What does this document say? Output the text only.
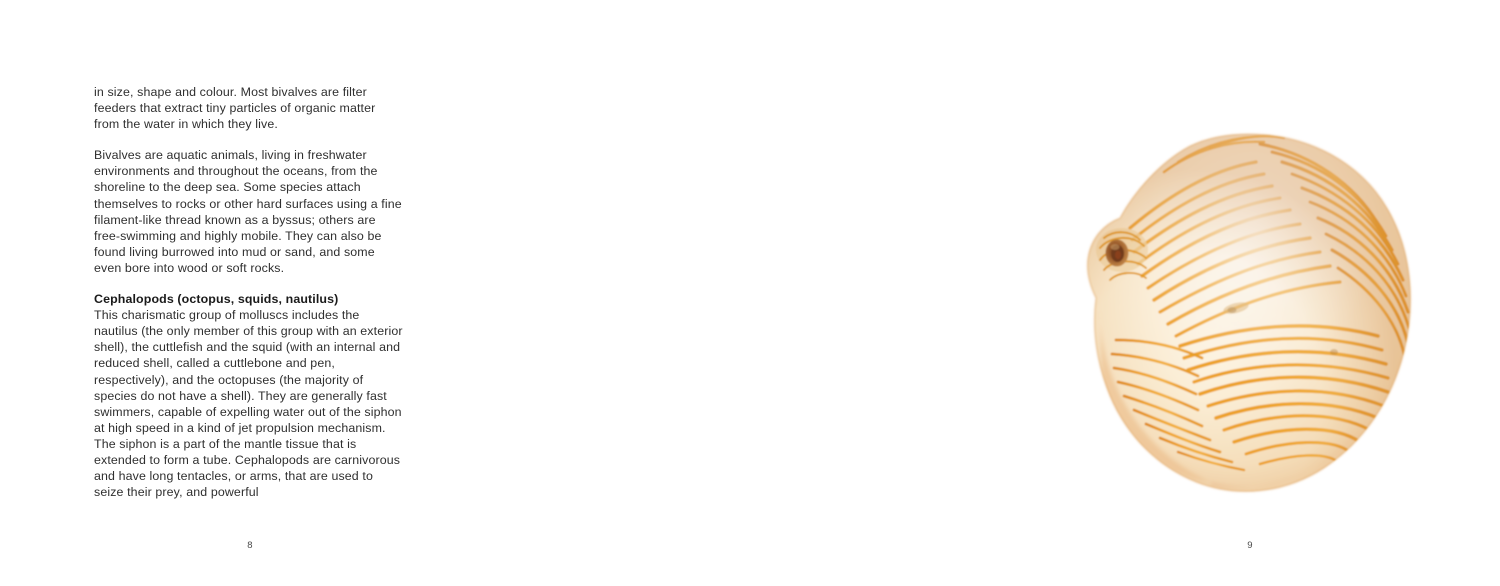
in size, shape and colour. Most bivalves are filter feeders that extract tiny particles of organic matter from the water in which they live.

Bivalves are aquatic animals, living in freshwater environments and throughout the oceans, from the shoreline to the deep sea. Some species attach themselves to rocks or other hard surfaces using a fine filament-like thread known as a byssus; others are free-swimming and highly mobile. They can also be found living burrowed into mud or sand, and some even bore into wood or soft rocks.

Cephalopods (octopus, squids, nautilus)

This charismatic group of molluscs includes the nautilus (the only member of this group with an exterior shell), the cuttlefish and the squid (with an internal and reduced shell, called a cuttlebone and pen, respectively), and the octopuses (the majority of species do not have a shell). They are generally fast swimmers, capable of expelling water out of the siphon at high speed in a kind of jet propulsion mechanism. The siphon is a part of the mantle tissue that is extended to form a tube. Cephalopods are carnivorous and have long tentacles, or arms, that are used to seize their prey, and powerful

8	9
